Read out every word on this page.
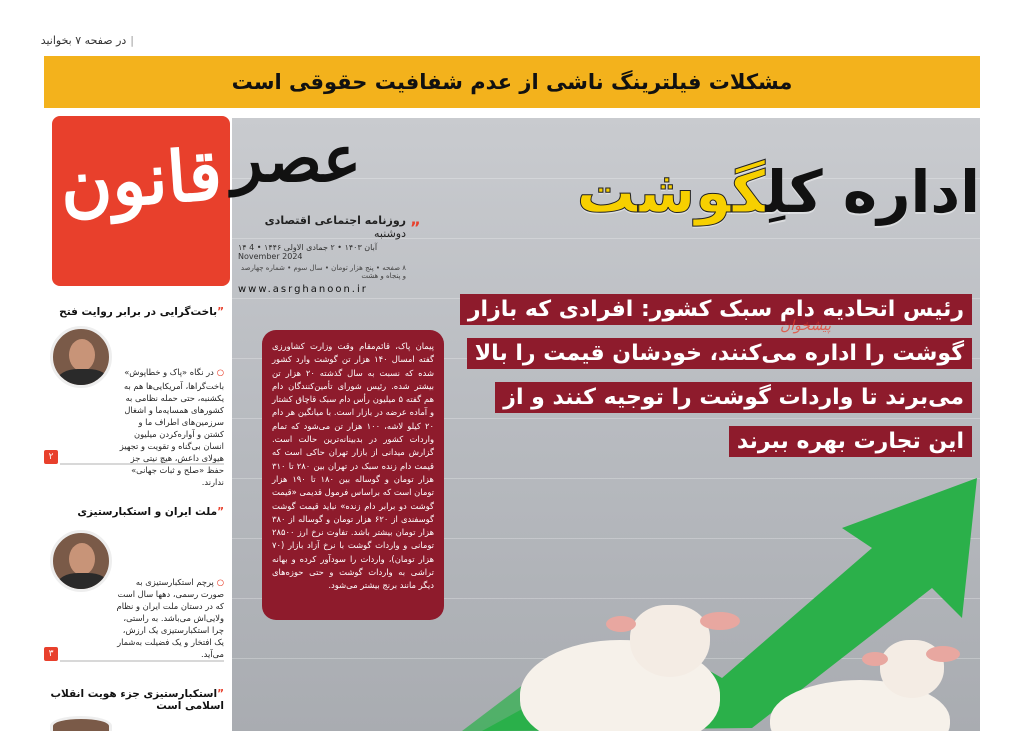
|در صفحه ۷ بخوانید
مشکلات فیلترینگ ناشی از عدم شفافیت حقوقی است
قانون عصر
”
روزنامه اجتماعی اقتصادی دوشنبه
۱۴ آبان ۱۴۰۳ • ۲ جمادی الاولی ۱۴۴۶ • 4 November 2024
۸ صفحه • پنج هزار تومان • سال سوم • شماره چهارصد و پنجاه و هشت
www.asrghanoon.ir
اداره کلِگوشت
رئیس اتحادیه دام سبک کشور: افرادی که بازار گوشت را اداره می‌کنند، خودشان قیمت را بالا می‌برند تا واردات گوشت را توجیه کنند و از این تجارت بهره ببرند
پیشخوان

پیمان پاک، قائم‌مقام وقت وزارت کشاورزی گفته امسال ۱۴۰ هزار تن گوشت وارد کشور شده که نسبت به سال گذشته ۲۰ هزار تن بیشتر شده. رئیس شورای تأمین‌کنندگان دام هم گفته ۵ میلیون رأس دام سبک قاچاق کشتار و آماده عرضه در بازار است. با میانگین هر دام ۲۰ کیلو لاشه، ۱۰۰ هزار تن می‌شود که تمام واردات کشور در بدبینانه‌ترین حالت است. گزارش میدانی از بازار تهران حاکی است که قیمت دام زنده سبک در تهران بین ۲۸۰ تا ۳۱۰ هزار تومان و گوساله بین ۱۸۰ تا ۱۹۰ هزار تومان است که براساس فرمول قدیمی «قیمت گوشت دو برابر دام زنده» نباید قیمت گوشت گوسفندی از ۶۲۰ هزار تومان و گوساله از ۳۸۰ هزار تومان بیشتر باشد. تفاوت نرخ ارز ۲۸۵۰۰ تومانی و واردات گوشت با نرخ آزاد بازار (۷۰ هزار تومان)، واردات را سودآور کرده و بهانه تراشی به واردات گوشت و حتی حوزه‌های دیگر مانند برنج بیشتر می‌شود.

”باخت‌گرایی در برابر روایت فتح
○ در نگاه «پاک و خطاپوش»
باخت‌گراها، آمریکایی‌ها هم به یکشنبه، حتی حمله نظامی به کشورهای همسایه‌ما و اشغال سرزمین‌های اطراف ما و کشتن و آواره‌کردن میلیون انسان بی‌گناه و تقویت و تجهیز هیولای داعش، هیچ نیتی جز حفظ «صلح و ثبات جهانی» ندارند.
۲
”ملت ایران و استکبارستیزی
○ پرچم استکبارستیزی به صورت رسمی، دهها سال است که در دستان ملت ایران و نظام ولایی‌اش می‌باشد. به راستی، چرا استکبارستیزی یک ارزش، یک افتخار و یک فضیلت به‌شمار می‌آید.
۳
”استکبارستیزی جزء هویت انقلاب اسلامی است
